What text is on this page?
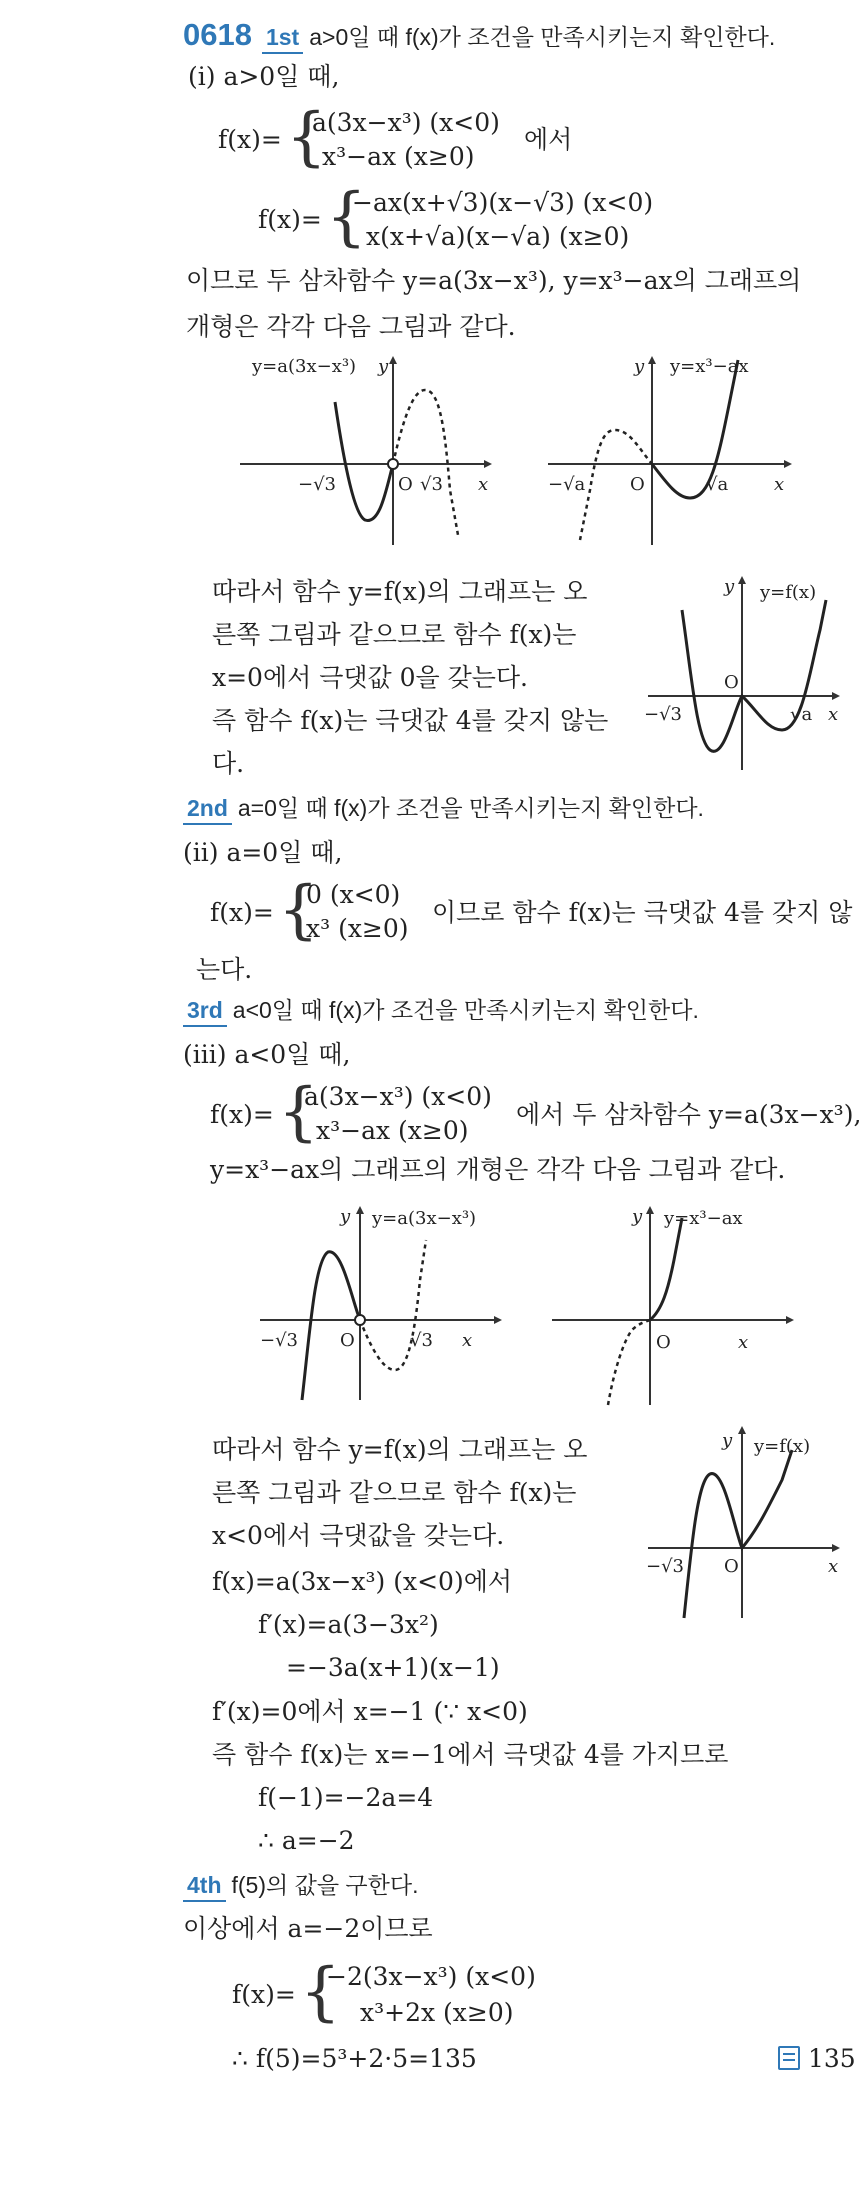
0618 1st a>0일 때 f(x)가 조건을 만족시키는지 확인한다.
(ⅰ) a>0일 때,
f(x)= {
a(3x−x³) (x<0)
x³−ax (x≥0)
에서
f(x)= {
−ax(x+√3)(x−√3) (x<0)
x(x+√a)(x−√a) (x≥0)
이므로 두 삼차함수 y=a(3x−x³), y=x³−ax의 그래프의
개형은 각각 다음 그림과 같다.
y=a(3x−x³) y
x
O
−√3	√3
y=x³−ax
y
x
O
−√a	√a
따라서 함수 y=f(x)의 그래프는 오
른쪽 그림과 같으므로 함수 f(x)는
x=0에서 극댓값 0을 갖는다.
즉 함수 f(x)는 극댓값 4를 갖지 않는
다.
y=f(x)
y
x
O
−√3	√a
2nd a=0일 때 f(x)가 조건을 만족시키는지 확인한다.
(ⅱ) a=0일 때,
f(x)= {
0 (x<0)
x³ (x≥0)
이므로 함수 f(x)는 극댓값 4를 갖지 않
는다.
3rd a<0일 때 f(x)가 조건을 만족시키는지 확인한다.
(ⅲ) a<0일 때,
f(x)= {
a(3x−x³) (x<0)
x³−ax (x≥0)
에서 두 삼차함수 y=a(3x−x³),
y=x³−ax의 그래프의 개형은 각각 다음 그림과 같다.
y=a(3x−x³)
y
x
O
−√3	√3
y=x³−ax
y
x
O
따라서 함수 y=f(x)의 그래프는 오
른쪽 그림과 같으므로 함수 f(x)는
x<0에서 극댓값을 갖는다.
y=f(x)
y
x
O
−√3
f(x)=a(3x−x³) (x<0)에서
f′(x)=a(3−3x²)
=−3a(x+1)(x−1)
f′(x)=0에서 x=−1 (∵ x<0)
즉 함수 f(x)는 x=−1에서 극댓값 4를 가지므로
f(−1)=−2a=4
∴ a=−2
4th f(5)의 값을 구한다.
이상에서 a=−2이므로
f(x)= {
−2(3x−x³) (x<0)
x³+2x (x≥0)
∴ f(5)=5³+2·5=135	135
